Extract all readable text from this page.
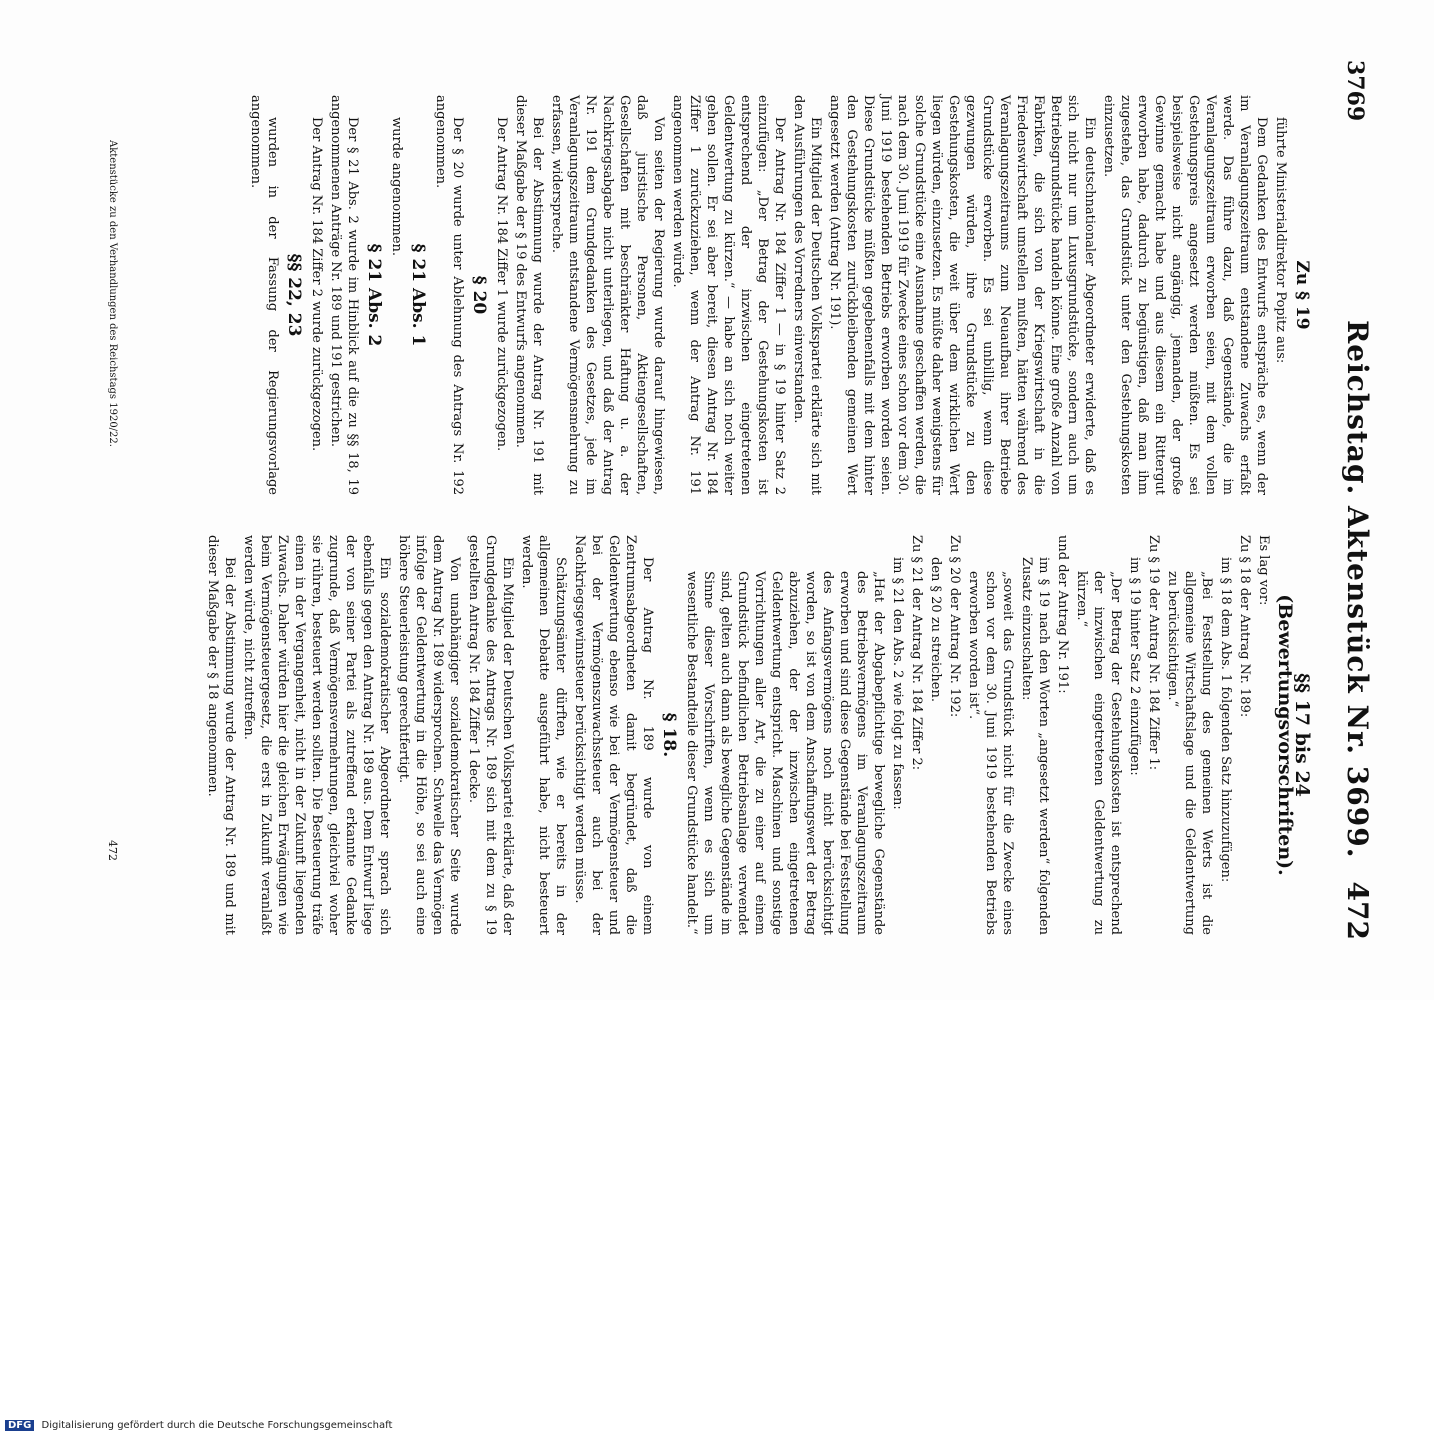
3769
Reichstag. Aktenstück Nr. 3699.
472
Zu § 19

führte Ministerialdirektor Popitz aus:

Dem Gedanken des Entwurfs entspräche es, wenn der im Veranlagungszeitraum entstandene Zuwachs erfaßt werde. Das führe dazu, daß Gegenstände, die im Veranlagungszeitraum erworben seien, mit dem vollen Gestehungspreis angesetzt werden müßten. Es sei beispielsweise nicht angängig, jemanden, der große Gewinne gemacht habe und aus diesem ein Rittergut erworben habe, dadurch zu begünstigen, daß man ihm zugestehe, das Grundstück unter den Gestehungskosten einzusetzen.

Ein deutschnationaler Abgeordneter erwiderte, daß es sich nicht nur um Luxusgrundstücke, sondern auch um Betriebsgrundstücke handeln könne. Eine große Anzahl von Fabriken, die sich von der Kriegswirtschaft in die Friedenswirtschaft umstellen mußten, hätten während des Veranlagungszeitraums zum Neuaufbau ihrer Betriebe Grundstücke erworben. Es sei unbillig, wenn diese gezwungen würden, ihre Grundstücke zu den Gestehungskosten, die weit über dem wirklichen Wert liegen würden, einzusetzen. Es müßte daher wenigstens für solche Grundstücke eine Ausnahme geschaffen werden, die nach dem 30. Juni 1919 für Zwecke eines schon vor dem 30. Juni 1919 bestehenden Betriebs erworben worden seien. Diese Grundstücke müßten gegebenenfalls mit dem hinter den Gestehungskosten zurückbleibenden gemeinen Wert angesetzt werden (Antrag Nr. 191).

Ein Mitglied der Deutschen Volkspartei erklärte sich mit den Ausführungen des Vorredners einverstanden.

Der Antrag Nr. 184 Ziffer 1 — in § 19 hinter Satz 2 einzufügen: „Der Betrag der Gestehungskosten ist entsprechend der inzwischen eingetretenen Geldentwertung zu kürzen.“ — habe an sich noch weiter gehen sollen. Er sei aber bereit, diesen Antrag Nr. 184 Ziffer 1 zurückzuziehen, wenn der Antrag Nr. 191 angenommen werden würde.

Von seiten der Regierung wurde darauf hingewiesen, daß juristische Personen, Aktiengesellschaften, Gesellschaften mit beschränkter Haftung u. a. der Nachkriegsabgabe nicht unterliegen, und daß der Antrag Nr. 191 dem Grundgedanken des Gesetzes, jede im Veranlagungszeitraum entstandene Vermögensmehrung zu erfassen, widerspreche.

Bei der Abstimmung wurde der Antrag Nr. 191 mit dieser Maßgabe der § 19 des Entwurfs angenommen.

Der Antrag Nr. 184 Ziffer 1 wurde zurückgezogen.

§ 20

Der § 20 wurde unter Ablehnung des Antrags Nr. 192 angenommen.

§ 21 Abs. 1

wurde angenommen.

§ 21 Abs. 2

Der § 21 Abs. 2 wurde im Hinblick auf die zu §§ 18, 19 angenommenen Anträge Nr. 189 und 191 gestrichen.

Der Antrag Nr. 184 Ziffer 2 wurde zurückgezogen.

§§ 22, 23

wurden in der Fassung der Regierungsvorlage angenommen.

§§ 17 bis 24 (Bewertungsvorschriften).

Es lag vor:

Zu § 18 der Antrag Nr. 189:

im § 18 dem Abs. 1 folgenden Satz hinzuzufügen:

„Bei Feststellung des gemeinen Werts ist die allgemeine Wirtschaftslage und die Geldentwertung zu berücksichtigen.“

Zu § 19 der Antrag Nr. 184 Ziffer 1:

im § 19 hinter Satz 2 einzufügen:

„Der Betrag der Gestehungskosten ist entsprechend der inzwischen eingetretenen Geldentwertung zu kürzen.“

und der Antrag Nr. 191:

im § 19 nach den Worten „angesetzt werden“ folgenden Zusatz einzuschalten:

„soweit das Grundstück nicht für die Zwecke eines schon vor dem 30. Juni 1919 bestehenden Betriebs erworben worden ist“.

Zu § 20 der Antrag Nr. 192:

den § 20 zu streichen.

Zu § 21 der Antrag Nr. 184 Ziffer 2:

im § 21 den Abs. 2 wie folgt zu fassen:

„Hat der Abgabepflichtige bewegliche Gegenstände des Betriebsvermögens im Veranlagungszeitraum erworben und sind diese Gegenstände bei Feststellung des Anfangsvermögens noch nicht berücksichtigt worden, so ist von dem Anschaffungswert der Betrag abzuziehen, der der inzwischen eingetretenen Geldentwertung entspricht. Maschinen und sonstige Vorrichtungen aller Art, die zu einer auf einem Grundstück befindlichen Betriebsanlage verwendet sind, gelten auch dann als bewegliche Gegenstände im Sinne dieser Vorschriften, wenn es sich um wesentliche Bestandteile dieser Grundstücke handelt.“

§ 18.

Der Antrag Nr. 189 wurde von einem Zentrumsabgeordneten damit begründet, daß die Geldentwertung ebenso wie bei der Vermögensteuer und bei der Vermögenszuwachssteuer auch bei der Nachkriegsgewinnsteuer berücksichtigt werden müsse.

Schätzungsämter dürften, wie er bereits in der allgemeinen Debatte ausgeführt habe, nicht besteuert werden.

Ein Mitglied der Deutschen Volkspartei erklärte, daß der Grundgedanke des Antrags Nr. 189 sich mit dem zu § 19 gestellten Antrag Nr. 184 Ziffer 1 decke.

Von unabhängiger sozialdemokratischer Seite wurde dem Antrag Nr. 189 widersprochen. Schwelle das Vermögen infolge der Geldentwertung in die Höhe, so sei auch eine höhere Steuerleistung gerechtfertigt.

Ein sozialdemokratischer Abgeordneter sprach sich ebenfalls gegen den Antrag Nr. 189 aus. Dem Entwurf liege der von seiner Partei als zutreffend erkannte Gedanke zugrunde, daß Vermögensvermehrungen, gleichviel woher sie rühren, besteuert werden sollten. Die Besteuerung träfe einen in der Vergangenheit, nicht in der Zukunft liegenden Zuwachs. Daher würden hier die gleichen Erwägungen wie beim Vermögensteuergesetz, die erst in Zukunft veranlaßt werden würde, nicht zutreffen.

Bei der Abstimmung wurde der Antrag Nr. 189 und mit dieser Maßgabe der § 18 angenommen.

Aktenstücke zu den Verhandlungen des Reichstags 1920/22.
472
DFG Digitalisierung gefördert durch die Deutsche Forschungsgemeinschaft
